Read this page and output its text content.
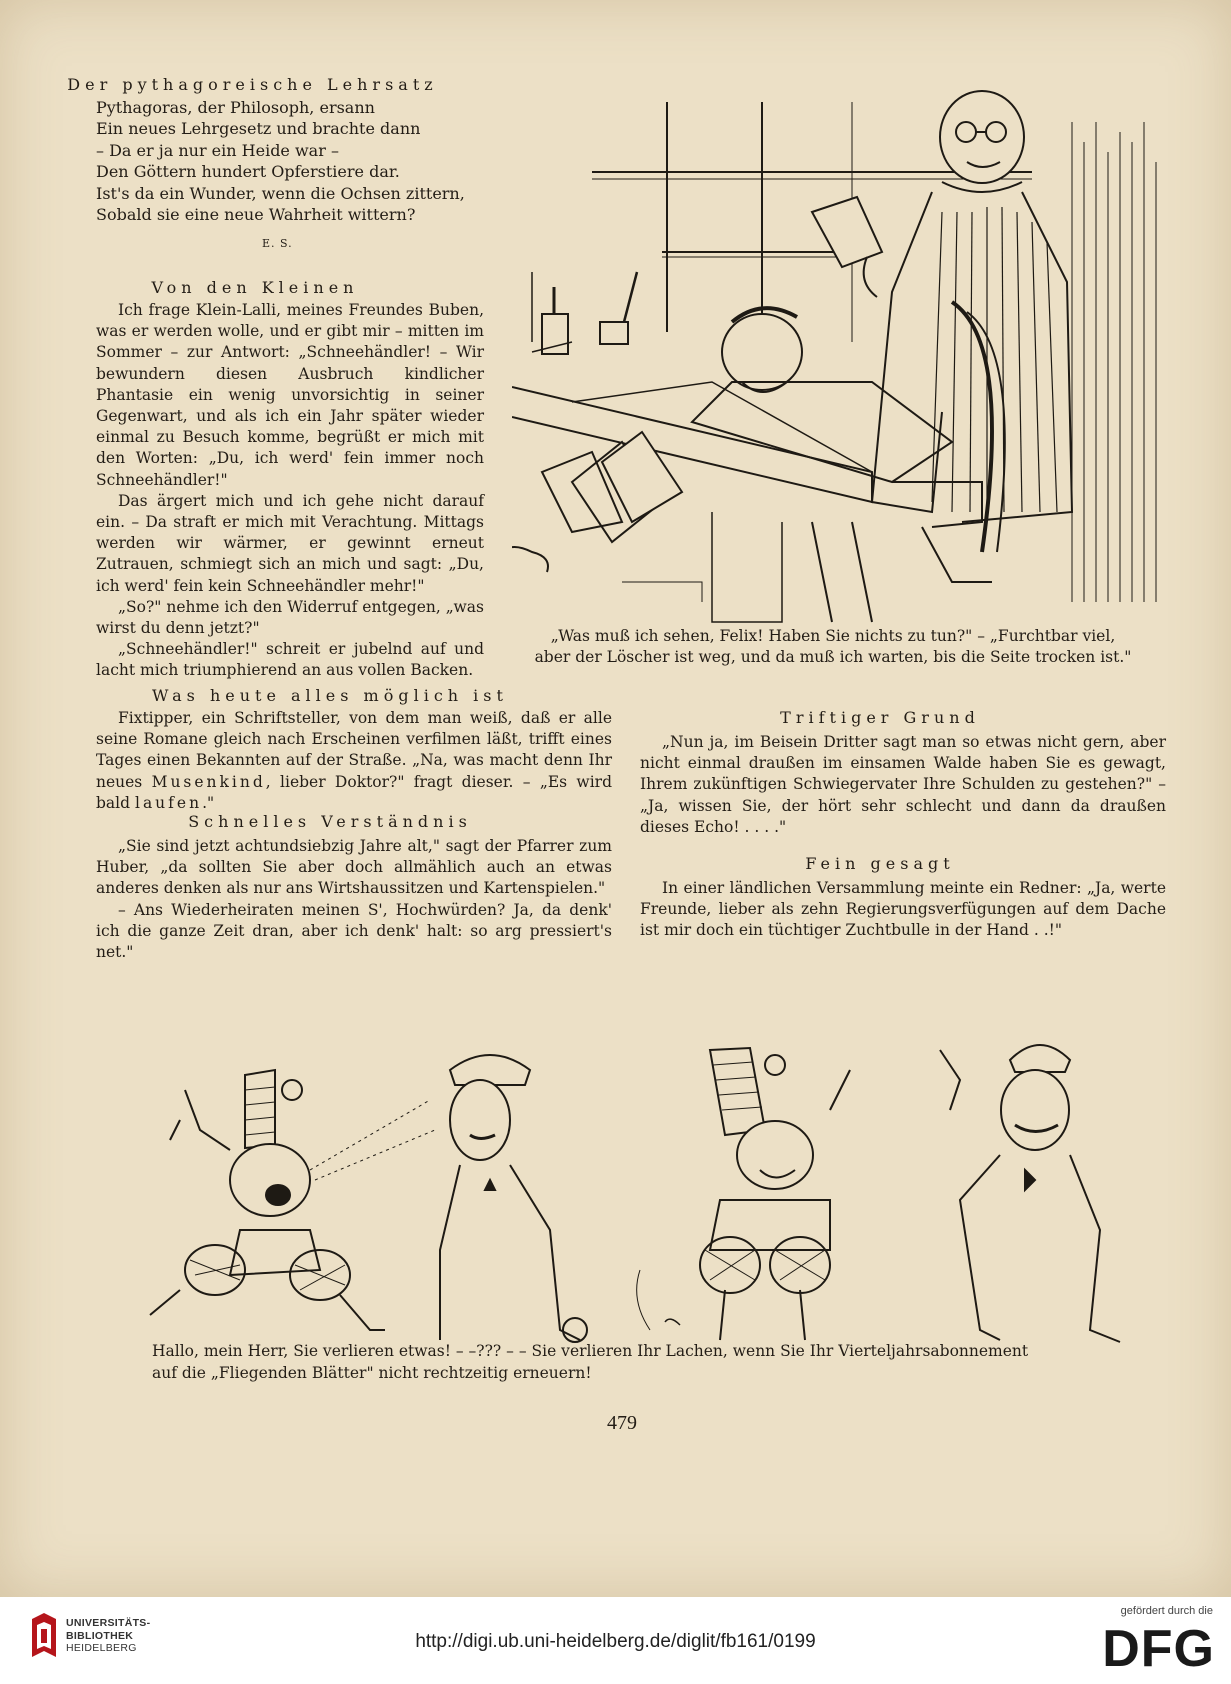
Der pythagoreische Lehrsatz
Pythagoras, der Philosoph, ersann
Ein neues Lehrgesetz und brachte dann
– Da er ja nur ein Heide war –
Den Göttern hundert Opferstiere dar.
Ist's da ein Wunder, wenn die Ochsen zittern,
Sobald sie eine neue Wahrheit wittern?
E. S.
Von den Kleinen

Ich frage Klein-Lalli, meines Freundes Buben, was er werden wolle, und er gibt mir – mitten im Sommer – zur Antwort: „Schneehändler! – Wir bewundern diesen Ausbruch kindlicher Phantasie ein wenig unvorsichtig in seiner Gegenwart, und als ich ein Jahr später wieder einmal zu Besuch komme, begrüßt er mich mit den Worten: „Du, ich werd' fein immer noch Schneehändler!"

Das ärgert mich und ich gehe nicht darauf ein. – Da straft er mich mit Verachtung. Mittags werden wir wärmer, er gewinnt erneut Zutrauen, schmiegt sich an mich und sagt: „Du, ich werd' fein kein Schneehändler mehr!"

„So?" nehme ich den Widerruf entgegen, „was wirst du denn jetzt?"

„Schneehändler!" schreit er jubelnd auf und lacht mich triumphierend an aus vollen Backen.

„Was muß ich sehen, Felix! Haben Sie nichts zu tun?" – „Furchtbar viel,
aber der Löscher ist weg, und da muß ich warten, bis die Seite trocken ist."
Was heute alles möglich ist

Fixtipper, ein Schriftsteller, von dem man weiß, daß er alle seine Romane gleich nach Erscheinen verfilmen läßt, trifft eines Tages einen Bekannten auf der Straße. „Na, was macht denn Ihr neues Musenkind, lieber Doktor?" fragt dieser. – „Es wird bald laufen."

Schnelles Verständnis

„Sie sind jetzt achtundsiebzig Jahre alt," sagt der Pfarrer zum Huber, „da sollten Sie aber doch allmählich auch an etwas anderes denken als nur ans Wirtshaussitzen und Kartenspielen."

– Ans Wiederheiraten meinen S', Hochwürden? Ja, da denk' ich die ganze Zeit dran, aber ich denk' halt: so arg pressiert's net."

Triftiger Grund

„Nun ja, im Beisein Dritter sagt man so etwas nicht gern, aber nicht einmal draußen im einsamen Walde haben Sie es gewagt, Ihrem zukünftigen Schwiegervater Ihre Schulden zu gestehen?" – „Ja, wissen Sie, der hört sehr schlecht und dann da draußen dieses Echo! . . . ."

Fein gesagt

In einer ländlichen Versammlung meinte ein Redner: „Ja, werte Freunde, lieber als zehn Regierungsverfügungen auf dem Dache ist mir doch ein tüchtiger Zuchtbulle in der Hand . .!"

Hallo, mein Herr, Sie verlieren etwas! – –??? – – Sie verlieren Ihr Lachen, wenn Sie Ihr Vierteljahrsabonnement
auf die „Fliegenden Blätter" nicht rechtzeitig erneuern!
479
UNIVERSITÄTS-
BIBLIOTHEK
HEIDELBERG	http://digi.ub.uni-heidelberg.de/diglit/fb161/0199
gefördert durch die
DFG
